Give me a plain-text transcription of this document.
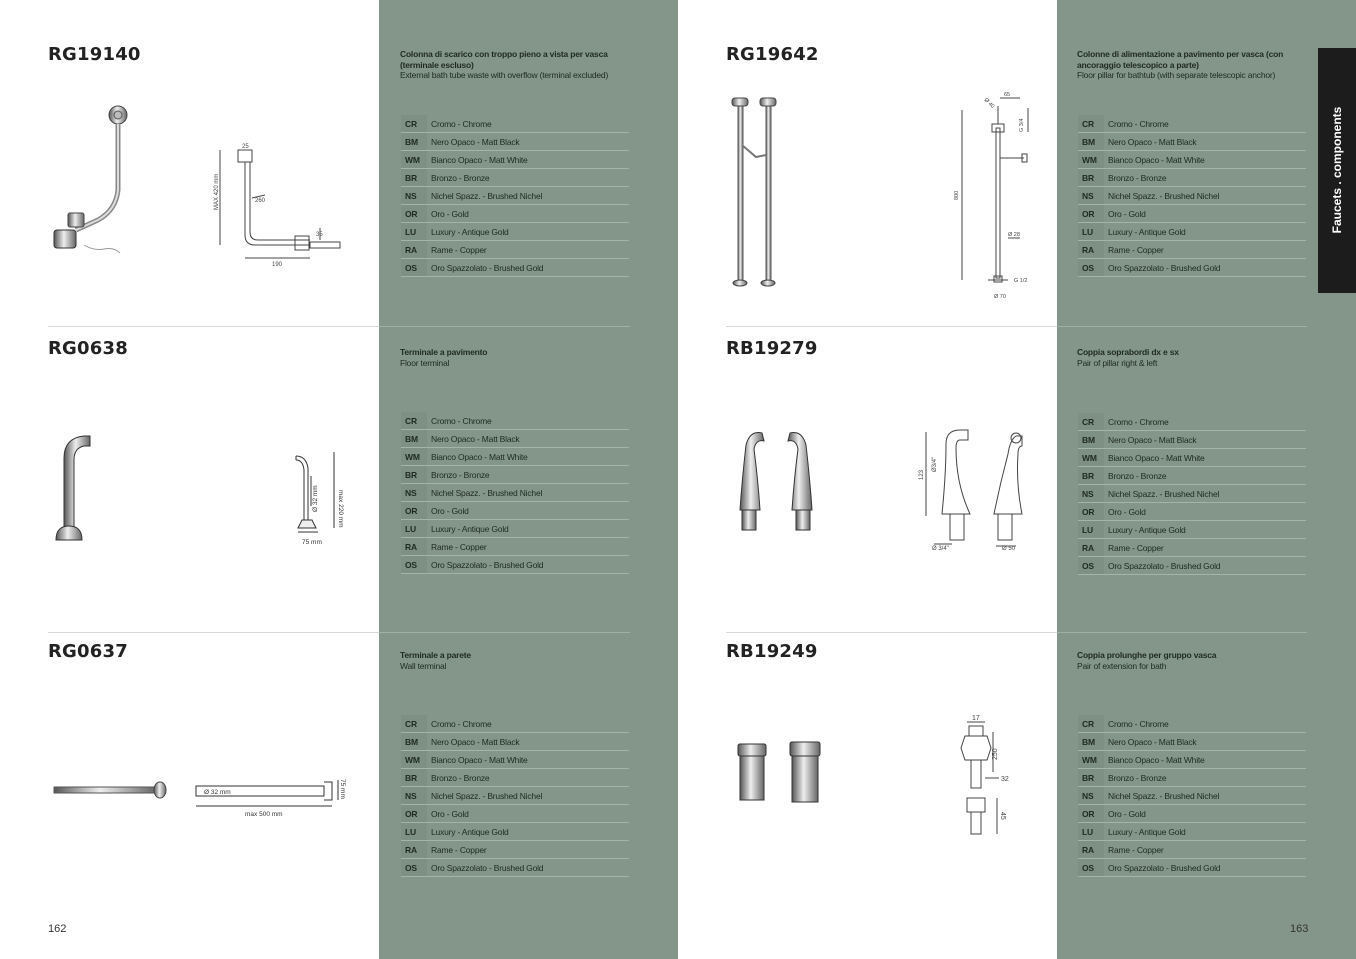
RG19140
RG0638
RG0637
RG19642
RB19279
RB19249
Colonna di scarico con troppo pieno a vista per vasca (terminale escluso)
External bath tube waste with overflow (terminal excluded)
Terminale a pavimento
Floor terminal
Terminale a parete
Wall terminal
Colonne di alimentazione a pavimento per vasca (con ancoraggio telescopico a parte)
Floor pillar for bathtub (with separate telescopic anchor)
Coppia soprabordi dx e sx
Pair of pillar right & left
Coppia prolunghe per gruppo vasca
Pair of extension for bath
CR	Cromo - Chrome
BM	Nero Opaco - Matt Black
WM	Bianco Opaco - Matt White
BR	Bronzo - Bronze
NS	Nichel Spazz. - Brushed Nichel
OR	Oro - Gold
LU	Luxury - Antique Gold
RA	Rame - Copper
OS	Oro Spazzolato - Brushed Gold
CR	Cromo - Chrome
BM	Nero Opaco - Matt Black
WM	Bianco Opaco - Matt White
BR	Bronzo - Bronze
NS	Nichel Spazz. - Brushed Nichel
OR	Oro - Gold
LU	Luxury - Antique Gold
RA	Rame - Copper
OS	Oro Spazzolato - Brushed Gold
CR	Cromo - Chrome
BM	Nero Opaco - Matt Black
WM	Bianco Opaco - Matt White
BR	Bronzo - Bronze
NS	Nichel Spazz. - Brushed Nichel
OR	Oro - Gold
LU	Luxury - Antique Gold
RA	Rame - Copper
OS	Oro Spazzolato - Brushed Gold
CR	Cromo - Chrome
BM	Nero Opaco - Matt Black
WM	Bianco Opaco - Matt White
BR	Bronzo - Bronze
NS	Nichel Spazz. - Brushed Nichel
OR	Oro - Gold
LU	Luxury - Antique Gold
RA	Rame - Copper
OS	Oro Spazzolato - Brushed Gold
CR	Cromo - Chrome
BM	Nero Opaco - Matt Black
WM	Bianco Opaco - Matt White
BR	Bronzo - Bronze
NS	Nichel Spazz. - Brushed Nichel
OR	Oro - Gold
LU	Luxury - Antique Gold
RA	Rame - Copper
OS	Oro Spazzolato - Brushed Gold
CR	Cromo - Chrome
BM	Nero Opaco - Matt Black
WM	Bianco Opaco - Matt White
BR	Bronzo - Bronze
NS	Nichel Spazz. - Brushed Nichel
OR	Oro - Gold
LU	Luxury - Antique Gold
RA	Rame - Copper
OS	Oro Spazzolato - Brushed Gold
162	163
Faucets . components
MAX 420 mm	260
190
25
35
Ø 32 mm	max 220 mm
75 mm
Ø 32 mm
max 500 mm
75 mm
800
Ø 28
G 1/2
Ø 70
Ø 40
65
G 3/4
123
Ø3/4"
Ø 3/4"	Ø 50
17
250
32
45
